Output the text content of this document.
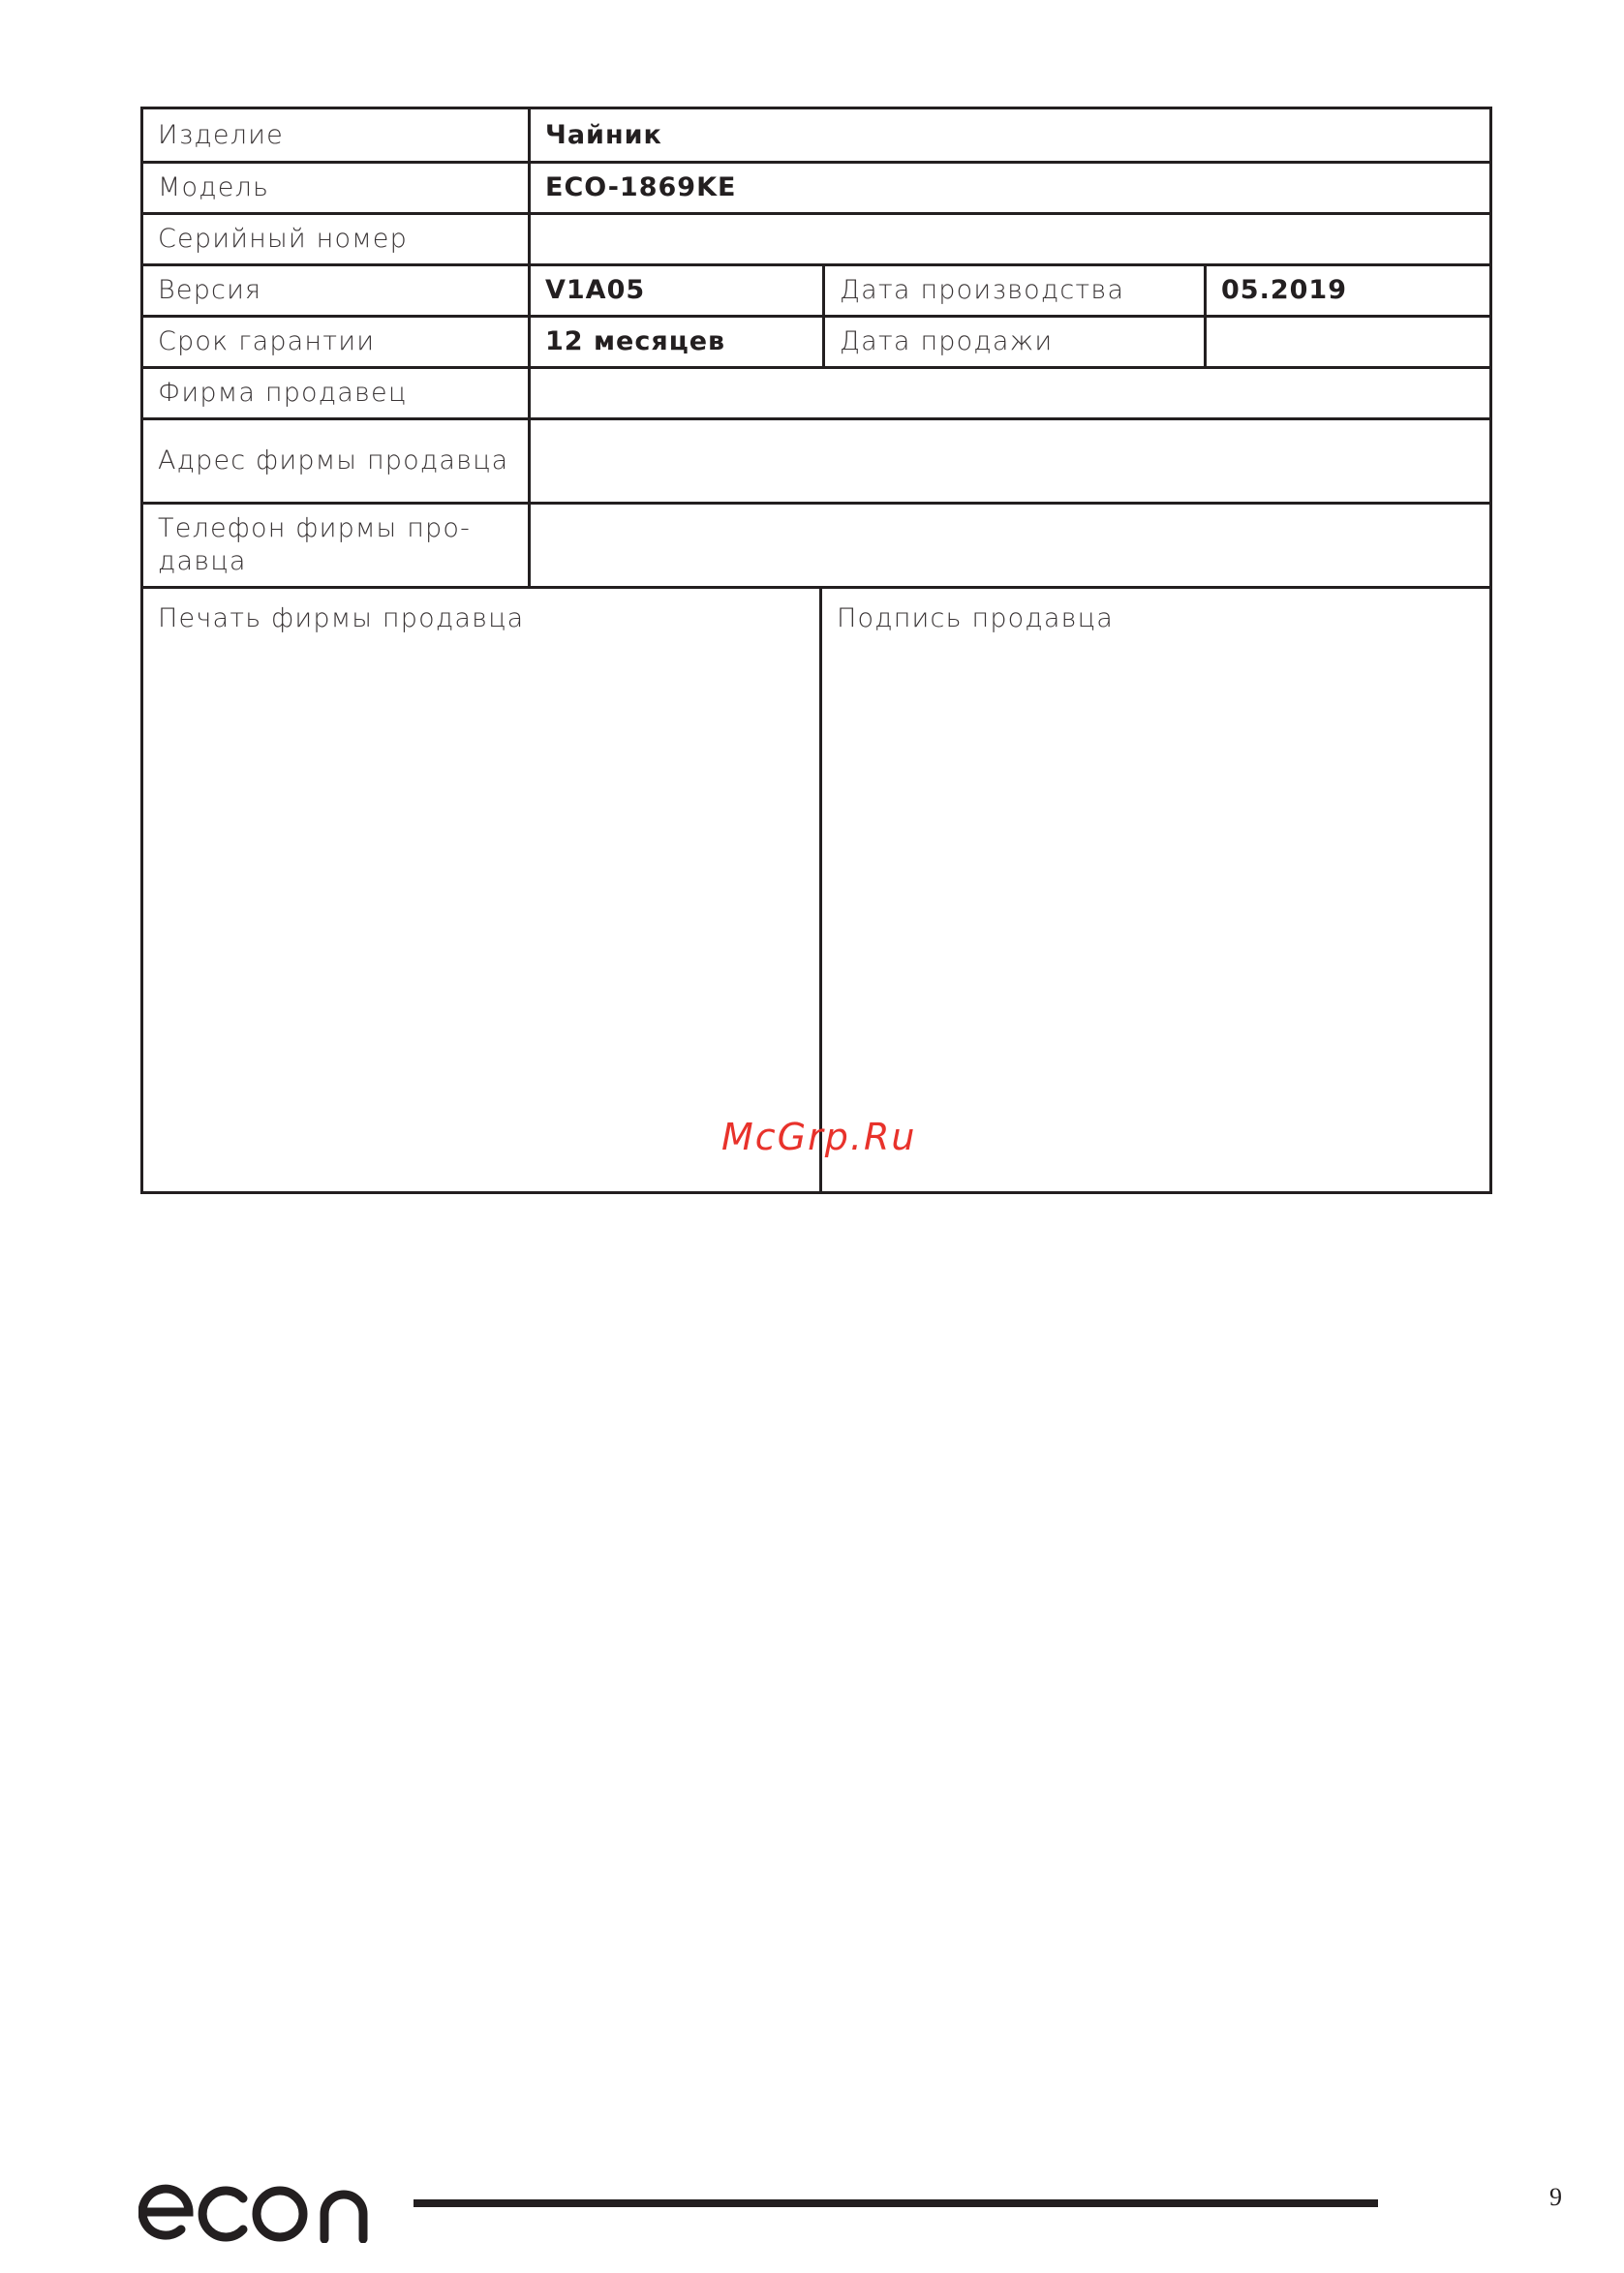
Изделие	Чайник
Модель	ECO-1869KE
Серийный номер
Версия	V1A05	Дата производства	05.2019
Срок гарантии	12 месяцев	Дата продажи
Фирма продавец
Адрес фирмы продавца
Телефон фирмы про-давца
Печать фирмы продавца	Подпись продавца
McGrp.Ru
9
